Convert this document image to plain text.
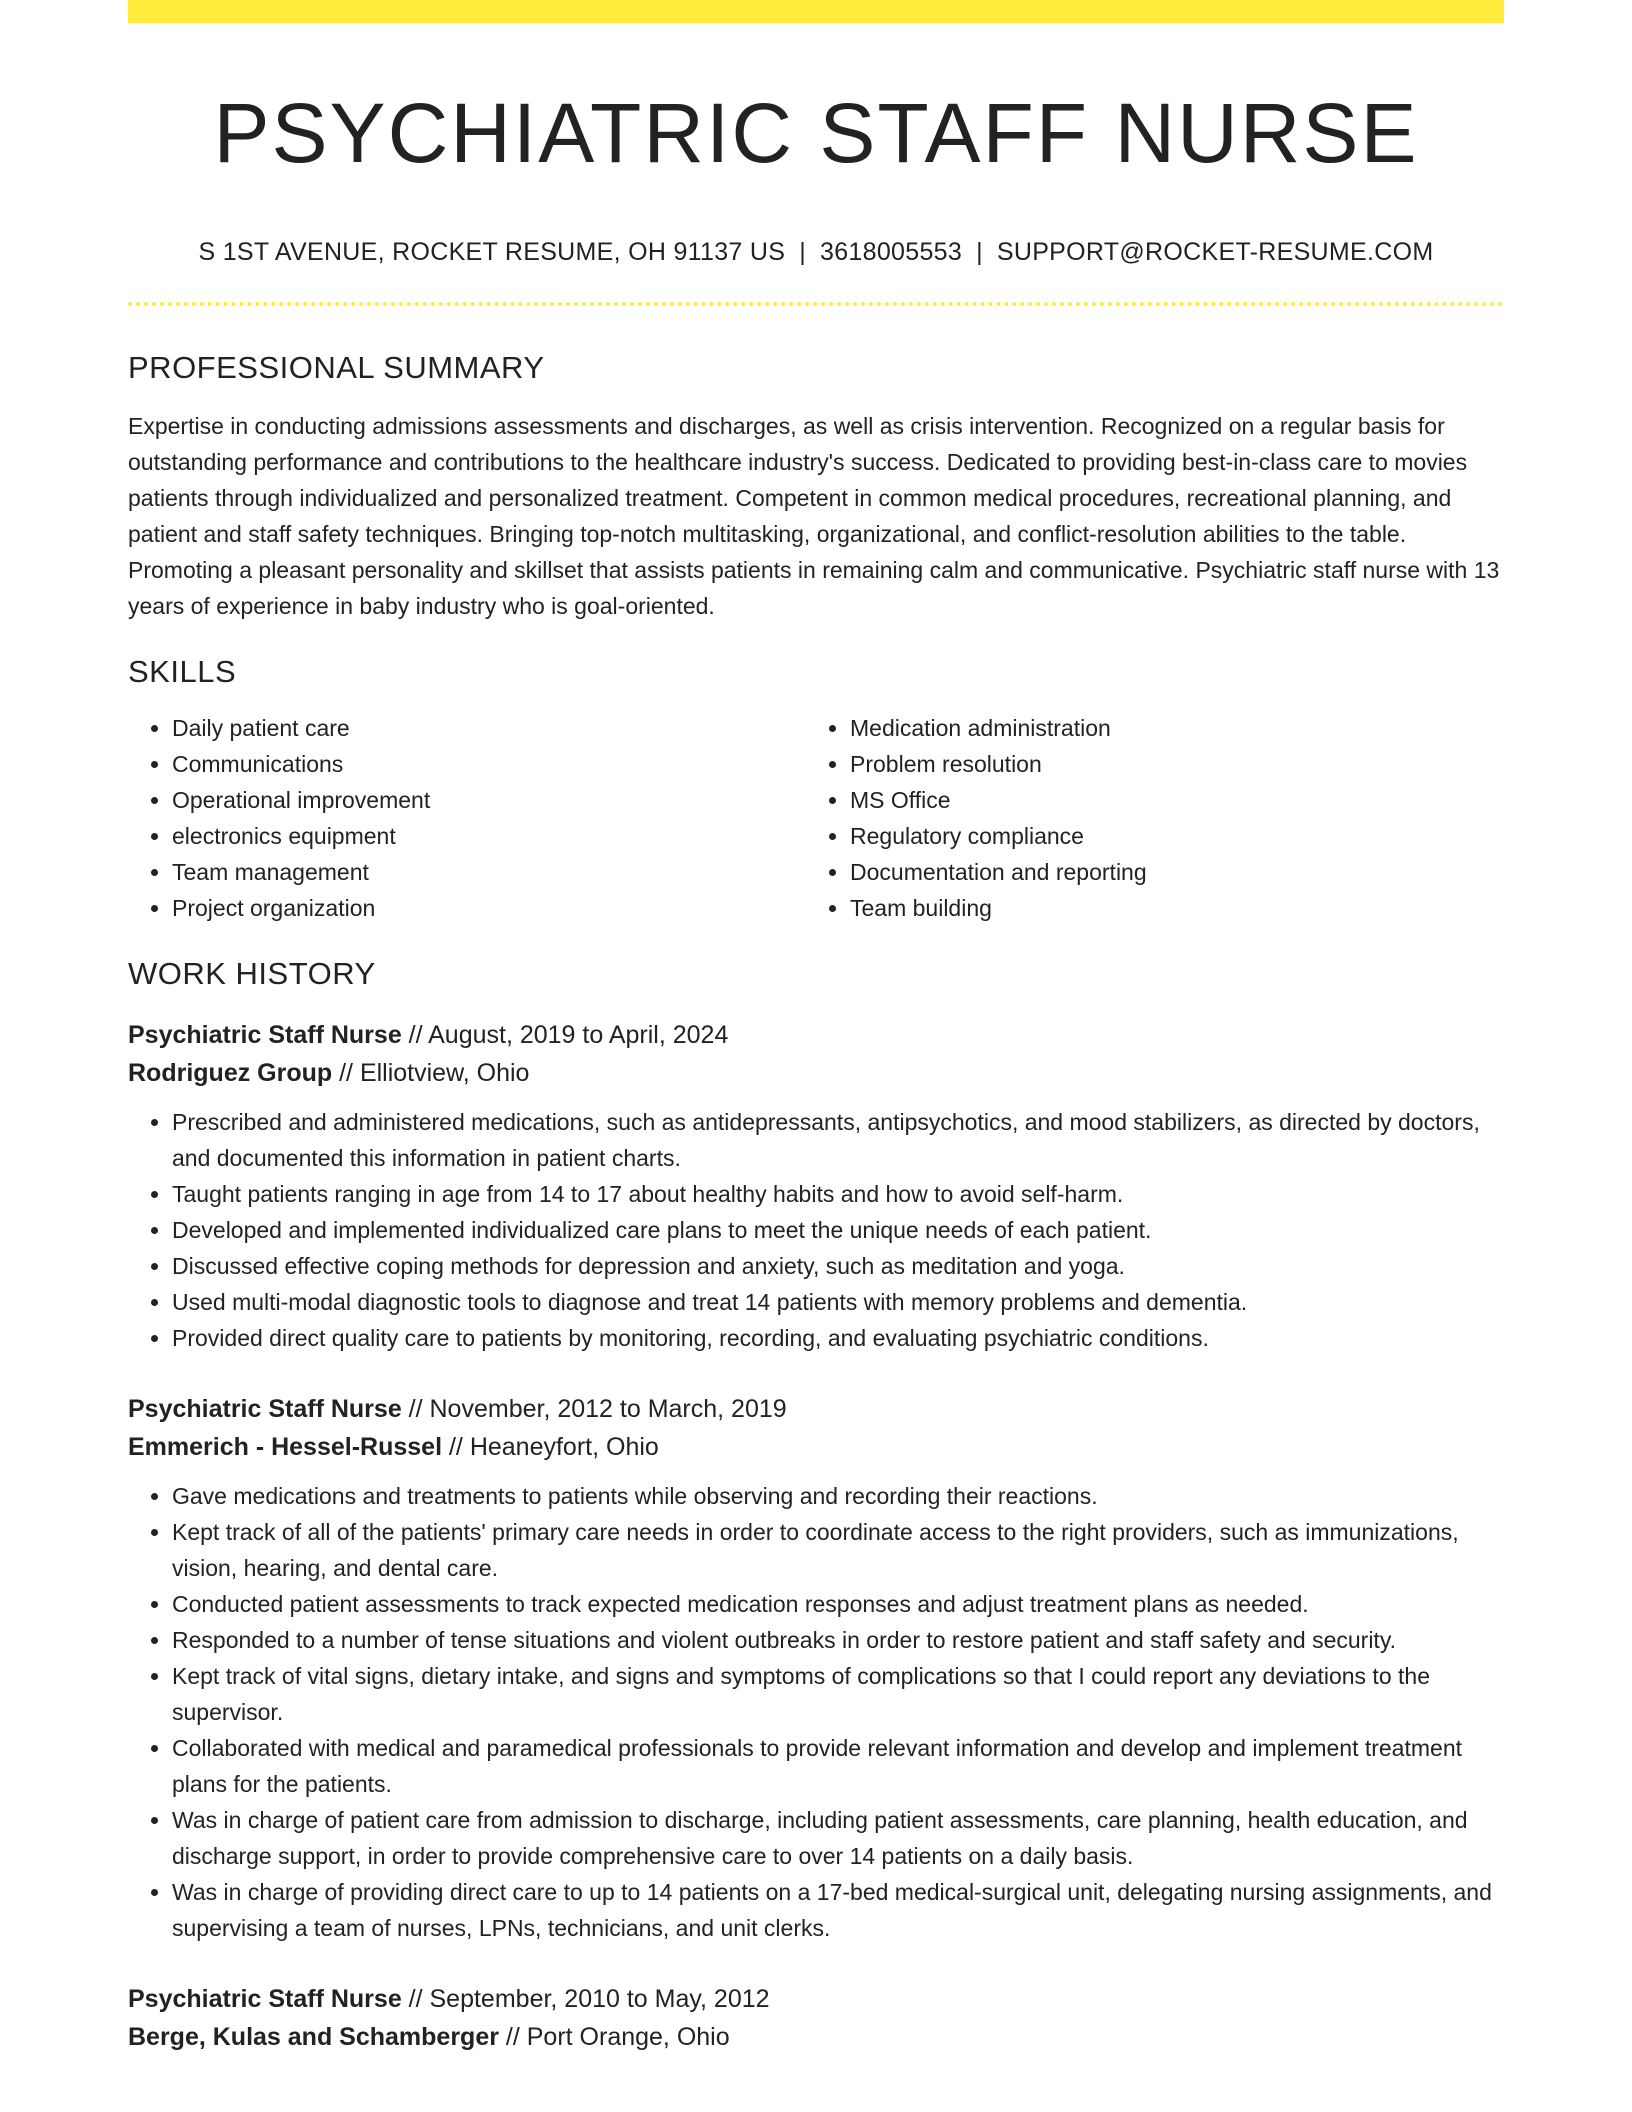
PSYCHIATRIC STAFF NURSE
S 1ST AVENUE, ROCKET RESUME, OH 91137 US | 3618005553 | SUPPORT@ROCKET-RESUME.COM
PROFESSIONAL SUMMARY

Expertise in conducting admissions assessments and discharges, as well as crisis intervention. Recognized on a regular basis for outstanding performance and contributions to the healthcare industry's success. Dedicated to providing best-in-class care to movies patients through individualized and personalized treatment. Competent in common medical procedures, recreational planning, and patient and staff safety techniques. Bringing top-notch multitasking, organizational, and conflict-resolution abilities to the table. Promoting a pleasant personality and skillset that assists patients in remaining calm and communicative. Psychiatric staff nurse with 13 years of experience in baby industry who is goal-oriented.

SKILLS
• Daily patient care
• Communications
• Operational improvement
• electronics equipment
• Team management
• Project organization
• Medication administration
• Problem resolution
• MS Office
• Regulatory compliance
• Documentation and reporting
• Team building
WORK HISTORY
Psychiatric Staff Nurse // August, 2019 to April, 2024
Rodriguez Group // Elliotview, Ohio
• Prescribed and administered medications, such as antidepressants, antipsychotics, and mood stabilizers, as directed by doctors, and documented this information in patient charts.
• Taught patients ranging in age from 14 to 17 about healthy habits and how to avoid self-harm.
• Developed and implemented individualized care plans to meet the unique needs of each patient.
• Discussed effective coping methods for depression and anxiety, such as meditation and yoga.
• Used multi-modal diagnostic tools to diagnose and treat 14 patients with memory problems and dementia.
• Provided direct quality care to patients by monitoring, recording, and evaluating psychiatric conditions.
Psychiatric Staff Nurse // November, 2012 to March, 2019
Emmerich - Hessel-Russel // Heaneyfort, Ohio
• Gave medications and treatments to patients while observing and recording their reactions.
• Kept track of all of the patients' primary care needs in order to coordinate access to the right providers, such as immunizations, vision, hearing, and dental care.
• Conducted patient assessments to track expected medication responses and adjust treatment plans as needed.
• Responded to a number of tense situations and violent outbreaks in order to restore patient and staff safety and security.
• Kept track of vital signs, dietary intake, and signs and symptoms of complications so that I could report any deviations to the supervisor.
• Collaborated with medical and paramedical professionals to provide relevant information and develop and implement treatment plans for the patients.
• Was in charge of patient care from admission to discharge, including patient assessments, care planning, health education, and discharge support, in order to provide comprehensive care to over 14 patients on a daily basis.
• Was in charge of providing direct care to up to 14 patients on a 17-bed medical-surgical unit, delegating nursing assignments, and supervising a team of nurses, LPNs, technicians, and unit clerks.
Psychiatric Staff Nurse // September, 2010 to May, 2012
Berge, Kulas and Schamberger // Port Orange, Ohio
